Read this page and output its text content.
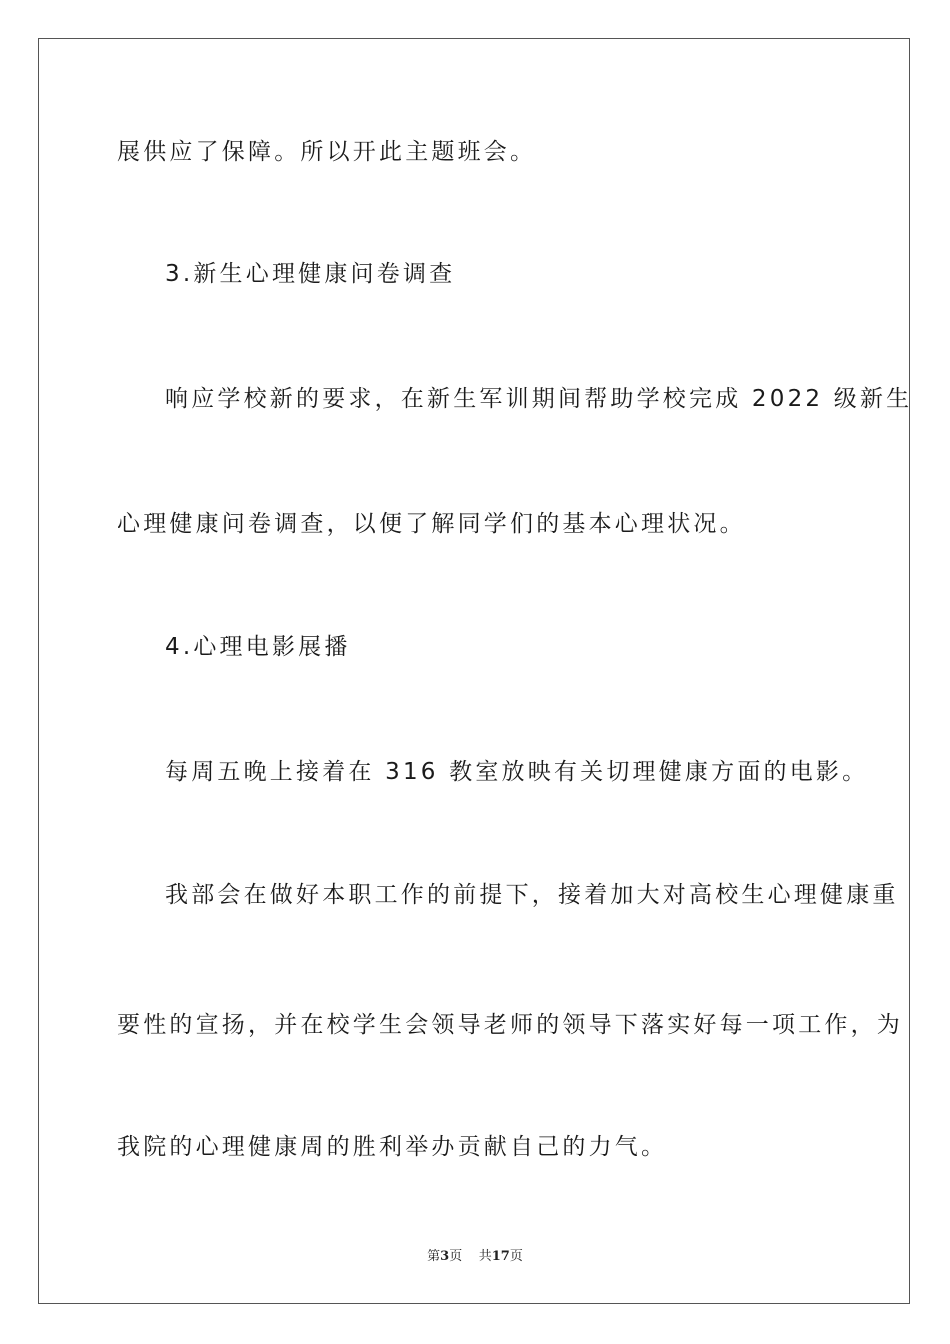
展供应了保障。所以开此主题班会。
3.新生心理健康问卷调查
响应学校新的要求，在新生军训期间帮助学校完成 2022 级新生
心理健康问卷调查，以便了解同学们的基本心理状况。
4.心理电影展播
每周五晚上接着在 316 教室放映有关切理健康方面的电影。
我部会在做好本职工作的前提下，接着加大对高校生心理健康重
要性的宣扬，并在校学生会领导老师的领导下落实好每一项工作，为
我院的心理健康周的胜利举办贡献自己的力气。
第3页 共17页
